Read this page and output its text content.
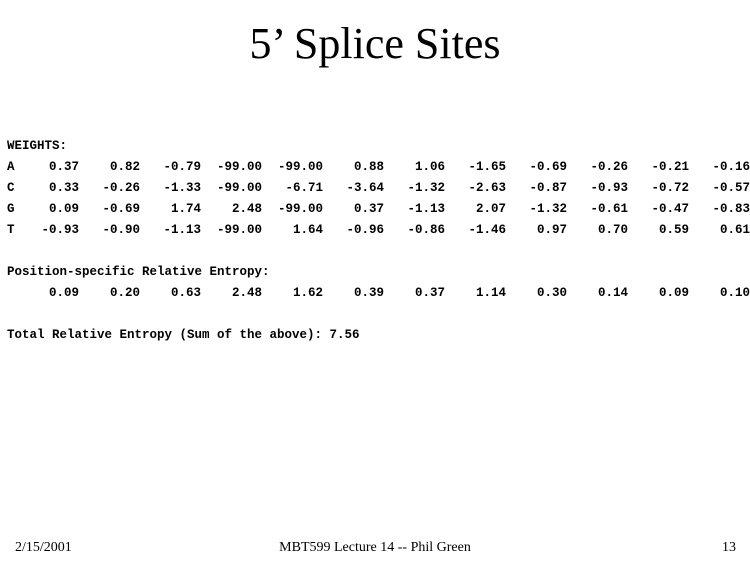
5’ Splice Sites
WEIGHTS:
A	0.37	0.82	-0.79	-99.00	-99.00	0.88	1.06	-1.65	-0.69	-0.26	-0.21	-0.16
C	0.33	-0.26	-1.33	-99.00	-6.71	-3.64	-1.32	-2.63	-0.87	-0.93	-0.72	-0.57
G	0.09	-0.69	1.74	2.48	-99.00	0.37	-1.13	2.07	-1.32	-0.61	-0.47	-0.83
T	-0.93	-0.90	-1.13	-99.00	1.64	-0.96	-0.86	-1.46	0.97	0.70	0.59	0.61
Position-specific Relative Entropy:
0.09	0.20	0.63	2.48	1.62	0.39	0.37	1.14	0.30	0.14	0.09	0.10
Total Relative Entropy (Sum of the above): 7.56
2/15/2001	MBT599 Lecture 14 -- Phil Green	13
